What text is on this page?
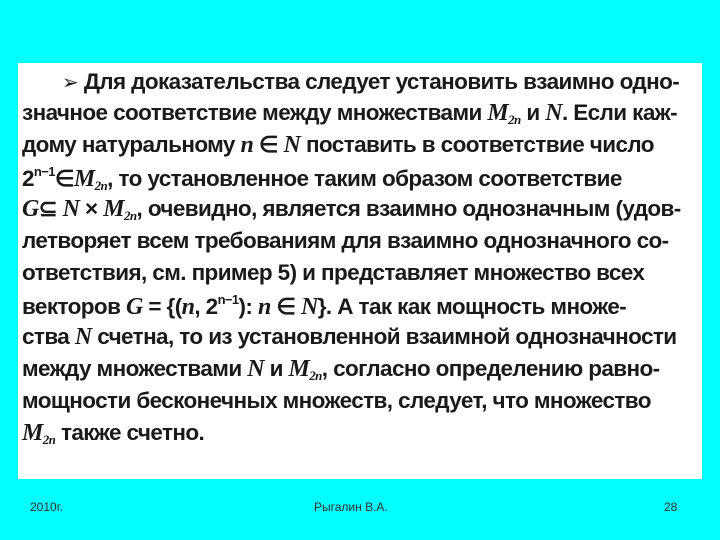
➢ Для доказательства следует установить взаимно одно-
значное соответствие между множествами $M_{2n}$ и N. Если каж-
дому натуральному n ∈ N поставить в соответствие число
$2^{n-1}\in M_{2n}$, то установленное таким образом соответствие
G⊆ $N \times M_{2n}$, очевидно, является взаимно однозначным (удов-
летворяет всем требованиям для взаимно однозначного со-
ответствия, см. пример 5) и представляет множество всех
векторов G = {(n, $2^{n-1}$): n ∈ N}. А так как мощность множе-
ства N счетна, то из установленной взаимной однозначности
между множествами N и $M_{2n}$, согласно определению равно-
мощности бесконечных множеств, следует, что множество
$M_{2n}$ также счетно.
2010г.	Рыгалин В.А.	28
